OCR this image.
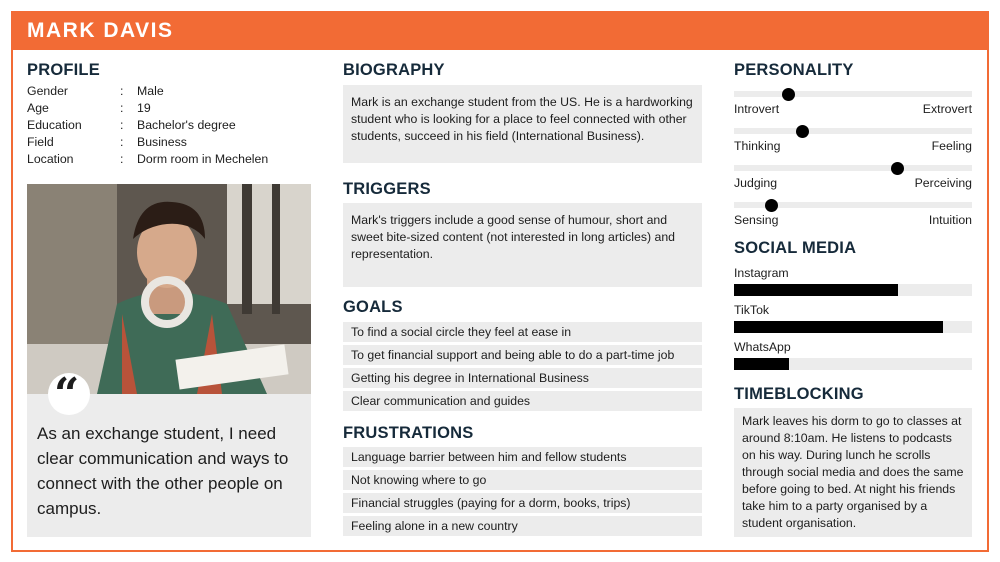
MARK DAVIS
PROFILE
Gender	: Male
Age	: 19
Education	: Bachelor's degree
Field	: Business
Location	: Dorm room in Mechelen
“
As an exchange student, I need clear communication and ways to connect with the other people on campus.
BIOGRAPHY
Mark is an exchange student from the US. He is a hardworking student who is looking for a place to feel connected with other students, succeed in his field (International Business).
TRIGGERS
Mark's triggers include a good sense of humour, short and sweet bite-sized content (not interested in long articles) and representation.
GOALS
To find a social circle they feel at ease in
To get financial support and being able to do a part-time job
Getting his degree in International Business
Clear communication and guides
FRUSTRATIONS
Language barrier between him and fellow students
Not knowing where to go
Financial struggles (paying for a dorm, books, trips)
Feeling alone in a new country
PERSONALITY
Introvert	Extrovert
Thinking	Feeling
Judging	Perceiving
Sensing	Intuition
SOCIAL MEDIA
Instagram
TikTok
WhatsApp
TIMEBLOCKING
Mark leaves his dorm to go to classes at around 8:10am. He listens to podcasts on his way. During lunch he scrolls through social media and does the same before going to bed. At night his friends take him to a party organised by a student organisation.
